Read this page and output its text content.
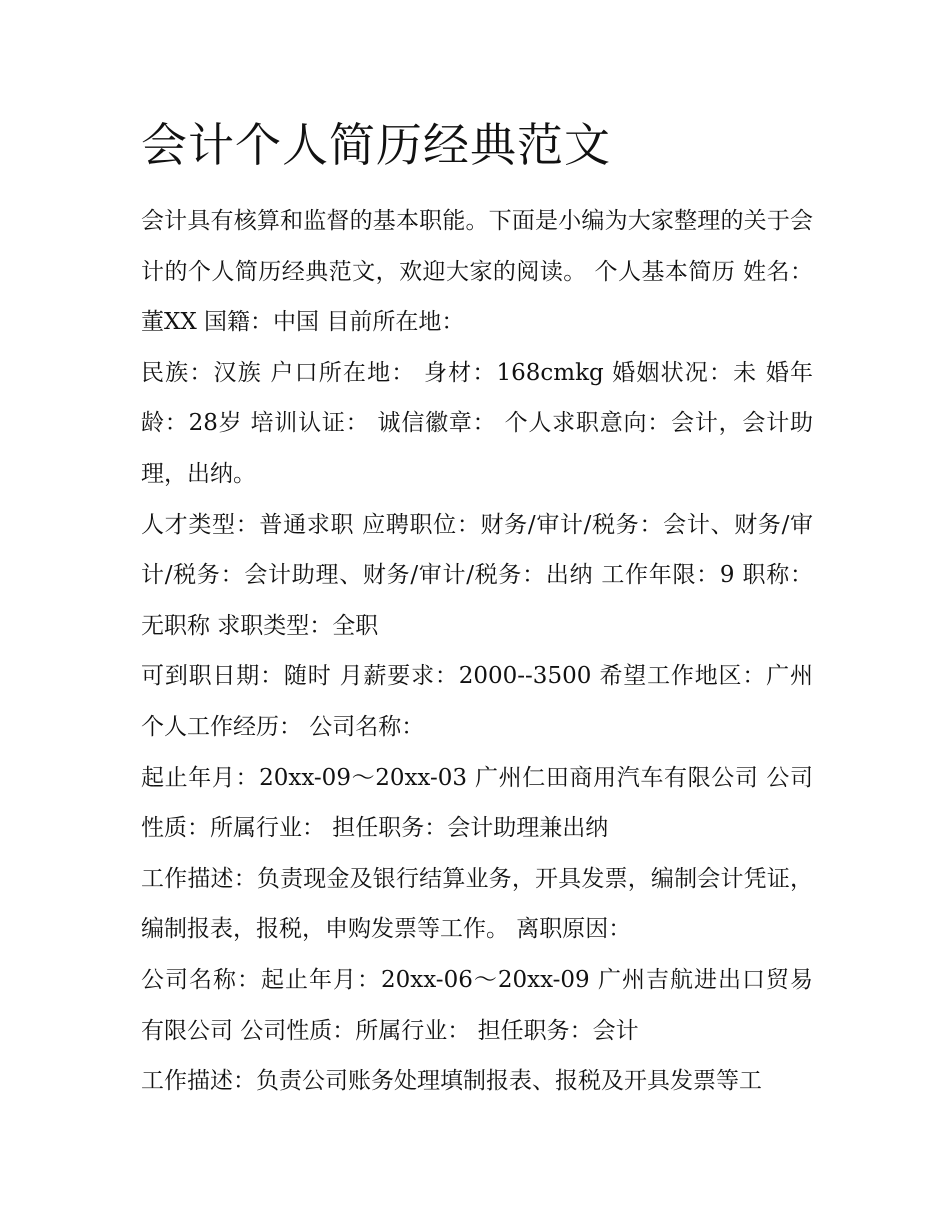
会计个人简历经典范文

会计具有核算和监督的基本职能。下面是小编为大家整理的关于会计的个人简历经典范文，欢迎大家的阅读。 个人基本简历 姓名：董XX 国籍：中国 目前所在地：

民族：汉族 户口所在地： 身材：168cmkg 婚姻状况：未 婚年龄：28岁 培训认证： 诚信徽章： 个人求职意向：会计，会计助理，出纳。

人才类型：普通求职 应聘职位：财务/审计/税务：会计、财务/审计/税务：会计助理、财务/审计/税务：出纳 工作年限：9 职称：无职称 求职类型：全职

可到职日期：随时 月薪要求：2000--3500 希望工作地区：广州 个人工作经历： 公司名称：

起止年月：20xx-09～20xx-03 广州仁田商用汽车有限公司 公司性质：所属行业： 担任职务：会计助理兼出纳

工作描述：负责现金及银行结算业务，开具发票，编制会计凭证，编制报表，报税，申购发票等工作。 离职原因：

公司名称：起止年月：20xx-06～20xx-09 广州吉航进出口贸易有限公司 公司性质：所属行业： 担任职务：会计

工作描述：负责公司账务处理填制报表、报税及开具发票等工
